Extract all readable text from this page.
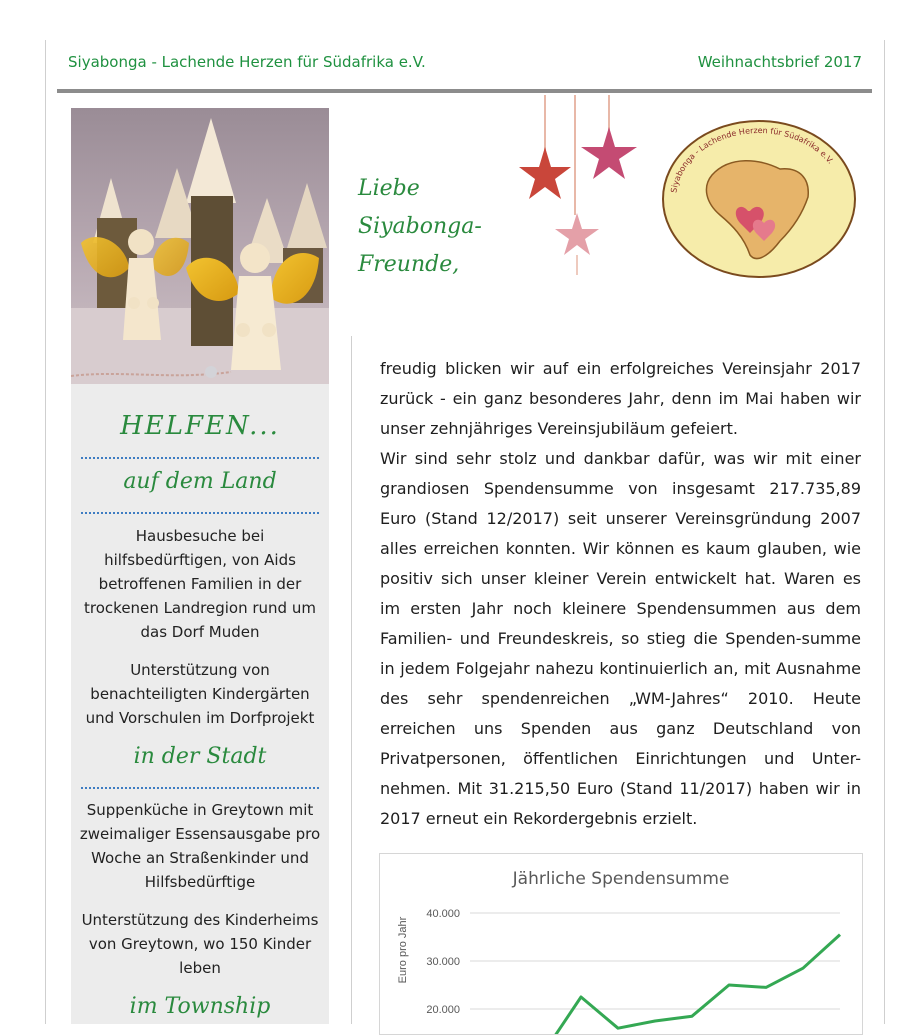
Siyabonga - Lachende Herzen für Südafrika e.V.	Weihnachtsbrief 2017
HELFEN...
auf dem Land
Hausbesuche bei hilfsbedürftigen, von Aids betroffenen Familien in der trockenen Landregion rund um das Dorf Muden
Unterstützung von benachteiligten Kindergärten und Vorschulen im Dorfprojekt
in der Stadt
Suppenküche in Greytown mit zweimaliger Essensausgabe pro Woche an Straßenkinder und Hilfsbedürftige
Unterstützung des Kinderheims von Greytown, wo 150 Kinder leben
im Township
Liebe
Siyabonga-
Freunde,
Siyabonga - Lachende Herzen für Südafrika e.V.

freudig blicken wir auf ein erfolgreiches Vereinsjahr 2017 zurück - ein ganz besonderes Jahr, denn im Mai haben wir unser zehnjähriges Vereinsjubiläum gefeiert.

Wir sind sehr stolz und dankbar dafür, was wir mit einer grandiosen Spendensumme von insgesamt 217.735,89 Euro (Stand 12/2017) seit unserer Vereinsgründung 2007 alles erreichen konnten. Wir können es kaum glauben, wie positiv sich unser kleiner Verein entwickelt hat. Waren es im ersten Jahr noch kleinere Spendensummen aus dem Familien- und Freundeskreis, so stieg die Spenden-summe in jedem Folgejahr nahezu kontinuierlich an, mit Ausnahme des sehr spendenreichen „WM-Jahres“ 2010. Heute erreichen uns Spenden aus ganz Deutschland von Privatpersonen, öffentlichen Einrichtungen und Unter-nehmen. Mit 31.215,50 Euro (Stand 11/2017) haben wir in 2017 erneut ein Rekordergebnis erzielt.

Jährliche Spendensumme
40.000
30.000
20.000
Euro pro Jahr
